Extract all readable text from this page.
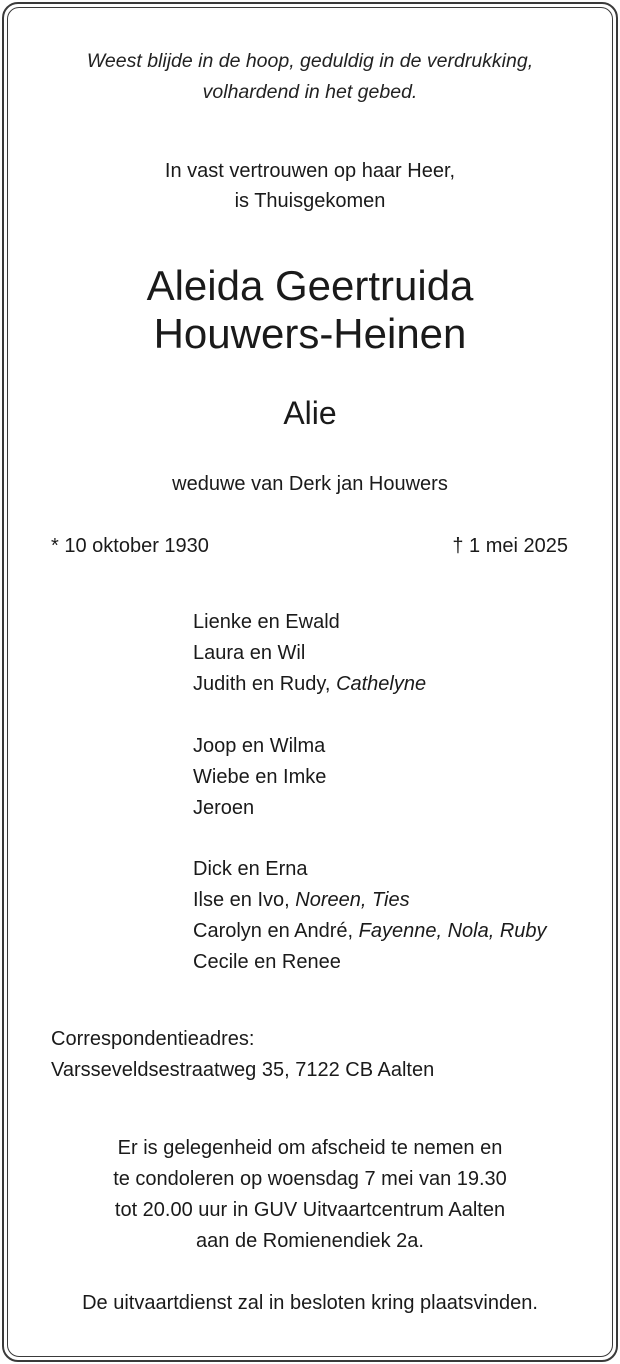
Weest blijde in de hoop, geduldig in de verdrukking,
volhardend in het gebed.
In vast vertrouwen op haar Heer,
is Thuisgekomen
Aleida Geertruida
Houwers-Heinen
Alie
weduwe van Derk jan Houwers
* 10 oktober 1930	† 1 mei 2025
Lienke en Ewald
Laura en Wil
Judith en Rudy, Cathelyne
Joop en Wilma
Wiebe en Imke
Jeroen
Dick en Erna
Ilse en Ivo, Noreen, Ties
Carolyn en André, Fayenne, Nola, Ruby
Cecile en Renee
Correspondentieadres:
Varsseveldsestraatweg 35, 7122 CB Aalten
Er is gelegenheid om afscheid te nemen en
te condoleren op woensdag 7 mei van 19.30
tot 20.00 uur in GUV Uitvaartcentrum Aalten
aan de Romienendiek 2a.
De uitvaartdienst zal in besloten kring plaatsvinden.
